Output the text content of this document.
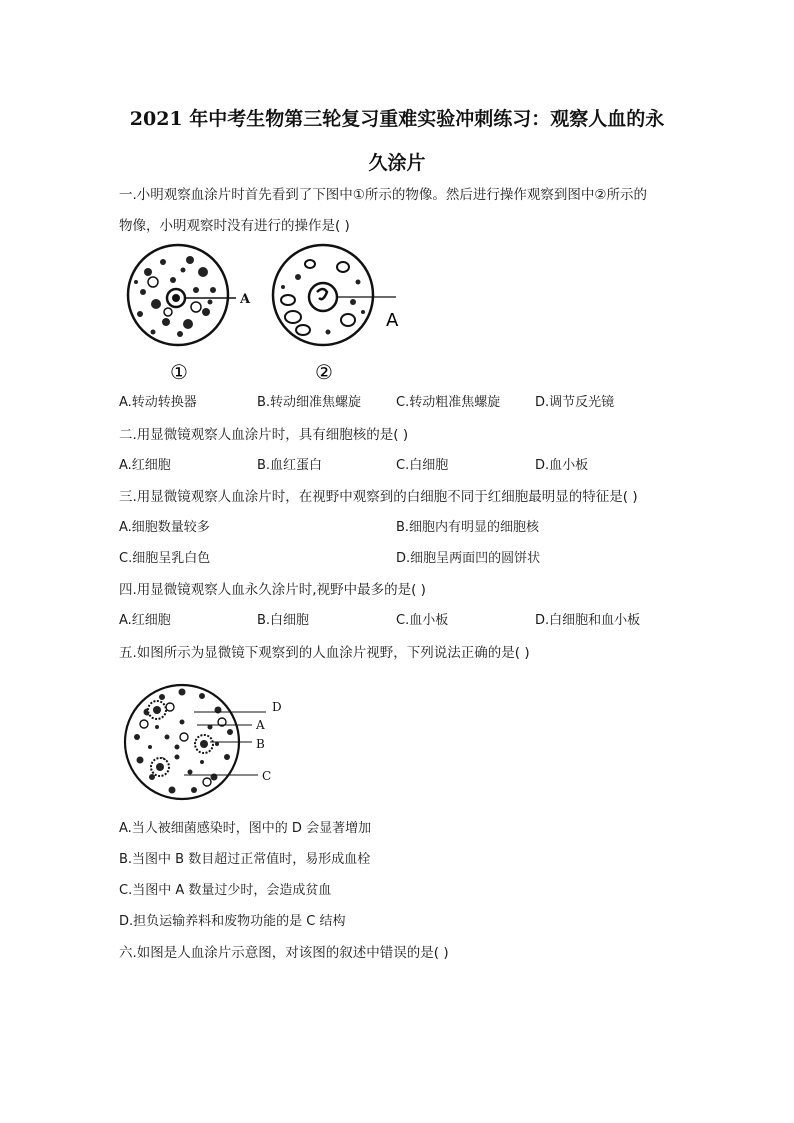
2021 年中考生物第三轮复习重难实验冲刺练习：观察人血的永
久涂片
一.小明观察血涂片时首先看到了下图中①所示的物像。然后进行操作观察到图中②所示的
物像，小明观察时没有进行的操作是( )
A
①
A
②
A.转动转换器	B.转动细准焦螺旋	C.转动粗准焦螺旋	D.调节反光镜
二.用显微镜观察人血涂片时，具有细胞核的是( )
A.红细胞	B.血红蛋白	C.白细胞	D.血小板
三.用显微镜观察人血涂片时，在视野中观察到的白细胞不同于红细胞最明显的特征是( )
A.细胞数量较多	B.细胞内有明显的细胞核
C.细胞呈乳白色	D.细胞呈两面凹的圆饼状
四.用显微镜观察人血永久涂片时,视野中最多的是( )
A.红细胞	B.白细胞	C.血小板	D.白细胞和血小板
五.如图所示为显微镜下观察到的人血涂片视野，下列说法正确的是( )
D
A
B
C
A.当人被细菌感染时，图中的 D 会显著增加
B.当图中 B 数目超过正常值时，易形成血栓
C.当图中 A 数量过少时，会造成贫血
D.担负运输养料和废物功能的是 C 结构
六.如图是人血涂片示意图，对该图的叙述中错误的是( )
